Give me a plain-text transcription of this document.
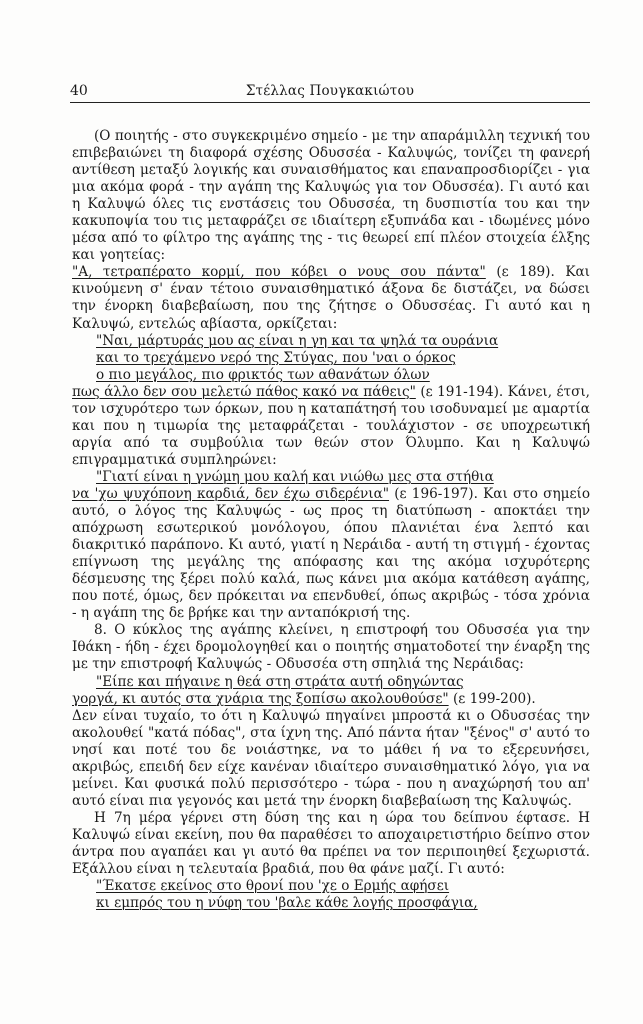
40	Στέλλας Πουγκακιώτου

(Ο ποιητής - στο συγκεκριμένο σημείο - με την απαράμιλλη τεχνική του επιβεβαιώνει τη διαφορά σχέσης Οδυσσέα - Καλυψώς, τονίζει τη φανερή αντίθεση μεταξύ λογικής και συναισθήματος και επαναπροσδιορίζει - για μια ακόμα φορά - την αγάπη της Καλυψώς για τον Οδυσσέα). Γι αυτό και η Καλυψώ όλες τις ενστάσεις του Οδυσσέα, τη δυσπιστία του και την κακυποψία του τις μεταφράζει σε ιδιαίτερη εξυπνάδα και - ιδωμένες μόνο μέσα από το φίλτρο της αγάπης της - τις θεωρεί επί πλέον στοιχεία έλξης και γοητείας:

"Α, τετραπέρατο κορμί, που κόβει ο νους σου πάντα" (ε 189). Και κινούμενη σ' έναν τέτοιο συναισθηματικό άξονα δε διστάζει, να δώσει την ένορκη διαβεβαίωση, που της ζήτησε ο Οδυσσέας. Γι αυτό και η Καλυψώ, εντελώς αβίαστα, ορκίζεται:

"Ναι, μάρτυράς μου ας είναι η γη και τα ψηλά τα ουράνια
και το τρεχάμενο νερό της Στύγας, που 'ναι ο όρκος
ο πιο μεγάλος, πιο φρικτός των αθανάτων όλων

πως άλλο δεν σου μελετώ πάθος κακό να πάθεις" (ε 191-194). Κάνει, έτσι, τον ισχυρότερο των όρκων, που η καταπάτησή του ισοδυναμεί με αμαρτία και που η τιμωρία της μεταφράζεται - τουλάχιστον - σε υποχρεωτική αργία από τα συμβούλια των θεών στον Όλυμπο. Και η Καλυψώ επιγραμματικά συμπληρώνει:

"Γιατί είναι η γνώμη μου καλή και νιώθω μες στα στήθια

να 'χω ψυχόπονη καρδιά, δεν έχω σιδερένια" (ε 196-197). Και στο σημείο αυτό, ο λόγος της Καλυψώς - ως προς τη διατύπωση - αποκτάει την απόχρωση εσωτερικού μονόλογου, όπου πλανιέται ένα λεπτό και διακριτικό παράπονο. Κι αυτό, γιατί η Νεράιδα - αυτή τη στιγμή - έχοντας επίγνωση της μεγάλης της απόφασης και της ακόμα ισχυρότερης δέσμευσης της ξέρει πολύ καλά, πως κάνει μια ακόμα κατάθεση αγάπης, που ποτέ, όμως, δεν πρόκειται να επενδυθεί, όπως ακριβώς - τόσα χρόνια - η αγάπη της δε βρήκε και την ανταπόκρισή της.

8. Ο κύκλος της αγάπης κλείνει, η επιστροφή του Οδυσσέα για την Ιθάκη - ήδη - έχει δρομολογηθεί και ο ποιητής σηματοδοτεί την έναρξη της με την επιστροφή Καλυψώς - Οδυσσέα στη σπηλιά της Νεράιδας:

"Είπε και πήγαινε η θεά στη στράτα αυτή οδηγώντας

γοργά, κι αυτός στα χνάρια της ξοπίσω ακολουθούσε" (ε 199-200).

Δεν είναι τυχαίο, το ότι η Καλυψώ πηγαίνει μπροστά κι ο Οδυσσέας την ακολουθεί "κατά πόδας", στα ίχνη της. Από πάντα ήταν "ξένος" σ' αυτό το νησί και ποτέ του δε νοιάστηκε, να το μάθει ή να το εξερευνήσει, ακριβώς, επειδή δεν είχε κανέναν ιδιαίτερο συναισθηματικό λόγο, για να μείνει. Και φυσικά πολύ περισσότερο - τώρα - που η αναχώρησή του απ' αυτό είναι πια γεγονός και μετά την ένορκη διαβεβαίωση της Καλυψώς.

Η 7η μέρα γέρνει στη δύση της και η ώρα του δείπνου έφτασε. Η Καλυψώ είναι εκείνη, που θα παραθέσει το αποχαιρετιστήριο δείπνο στον άντρα που αγαπάει και γι αυτό θα πρέπει να τον περιποιηθεί ξεχωριστά. Εξάλλου είναι η τελευταία βραδιά, που θα φάνε μαζί. Γι αυτό:

"Έκατσε εκείνος στο θρονί που 'χε ο Ερμής αφήσει
κι εμπρός του η νύφη του 'βαλε κάθε λογής προσφάγια,
